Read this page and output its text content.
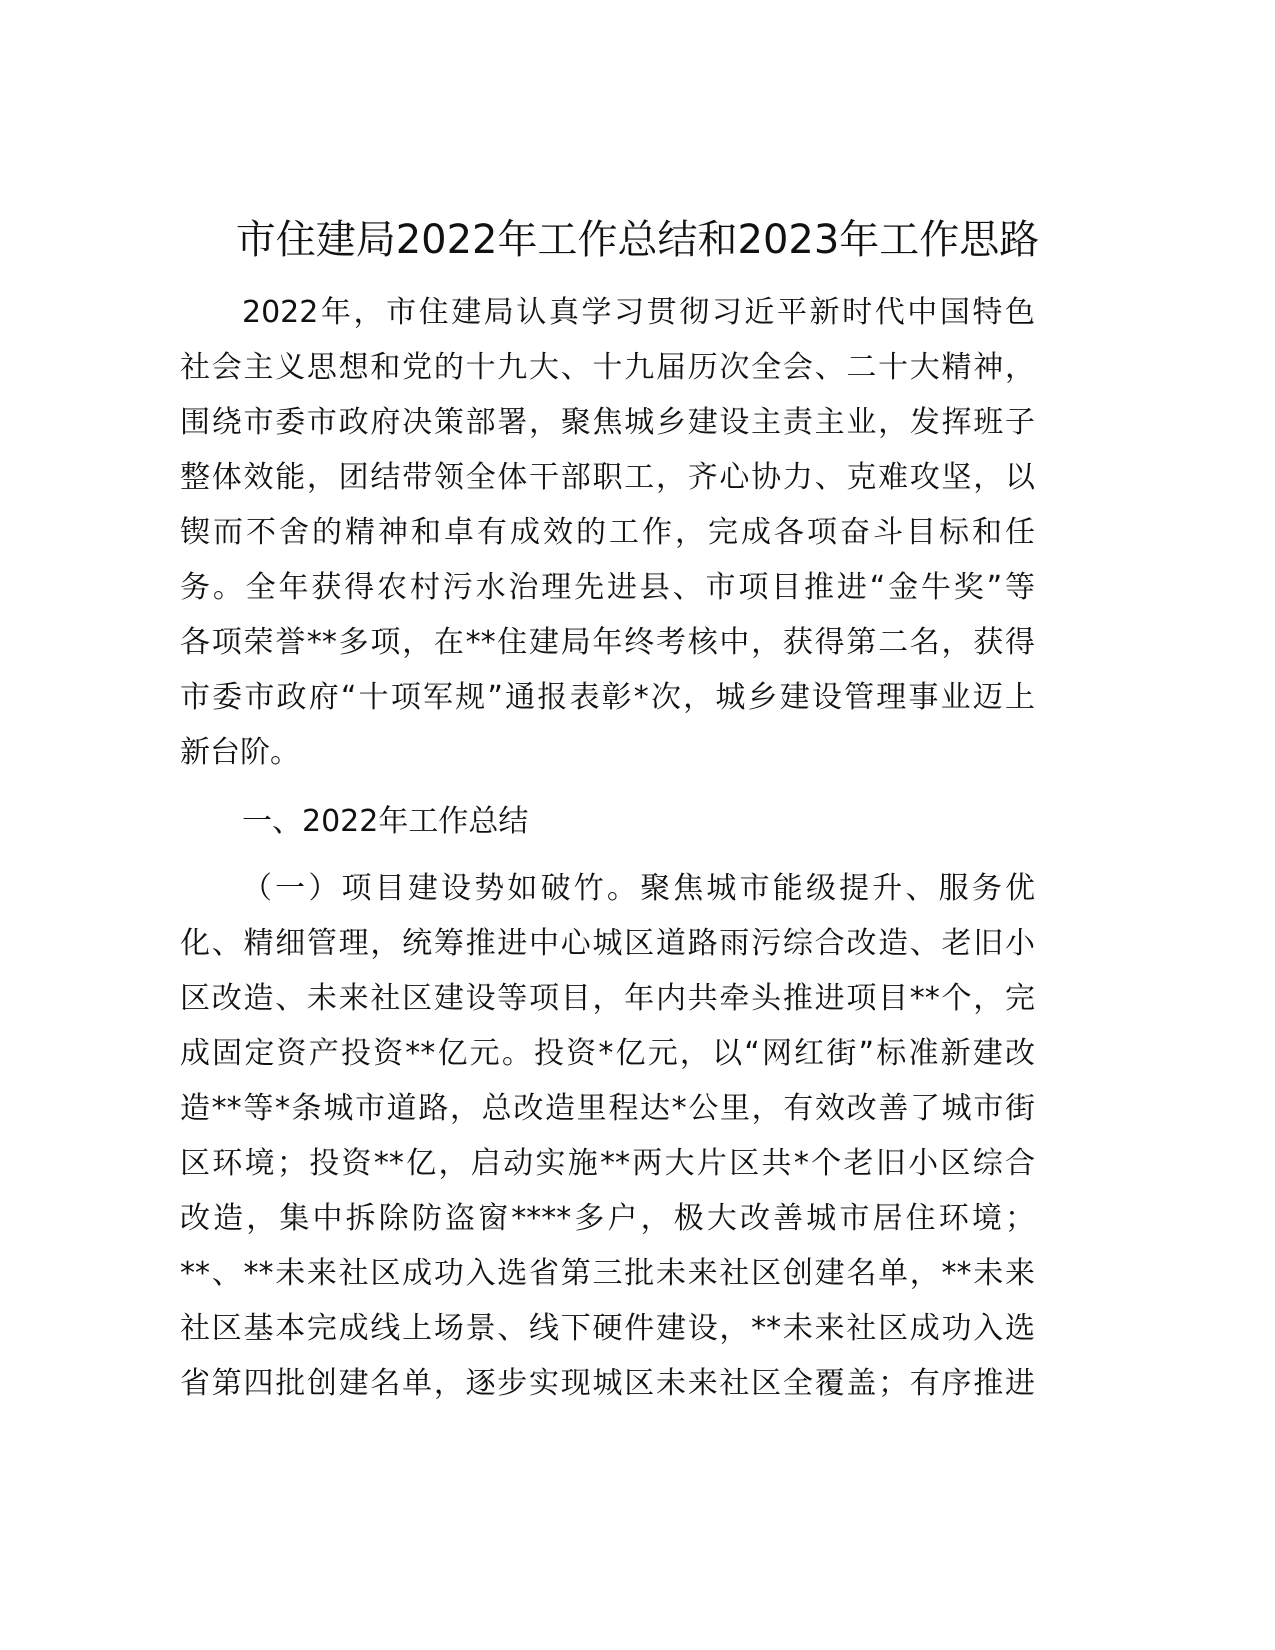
市住建局2022年工作总结和2023年工作思路
2022年，市住建局认真学习贯彻习近平新时代中国特色
社会主义思想和党的十九大、十九届历次全会、二十大精神，
围绕市委市政府决策部署，聚焦城乡建设主责主业，发挥班子
整体效能，团结带领全体干部职工，齐心协力、克难攻坚，以
锲而不舍的精神和卓有成效的工作，完成各项奋斗目标和任
务。全年获得农村污水治理先进县、市项目推进“金牛奖”等
各项荣誉**多项，在**住建局年终考核中，获得第二名，获得
市委市政府“十项军规”通报表彰*次，城乡建设管理事业迈上
新台阶。
一、2022年工作总结
（一）项目建设势如破竹。聚焦城市能级提升、服务优
化、精细管理，统筹推进中心城区道路雨污综合改造、老旧小
区改造、未来社区建设等项目，年内共牵头推进项目**个，完
成固定资产投资**亿元。投资*亿元，以“网红街”标准新建改
造**等*条城市道路，总改造里程达*公里，有效改善了城市街
区环境；投资**亿，启动实施**两大片区共*个老旧小区综合
改造，集中拆除防盗窗****多户，极大改善城市居住环境；
**、**未来社区成功入选省第三批未来社区创建名单，**未来
社区基本完成线上场景、线下硬件建设，**未来社区成功入选
省第四批创建名单，逐步实现城区未来社区全覆盖；有序推进
